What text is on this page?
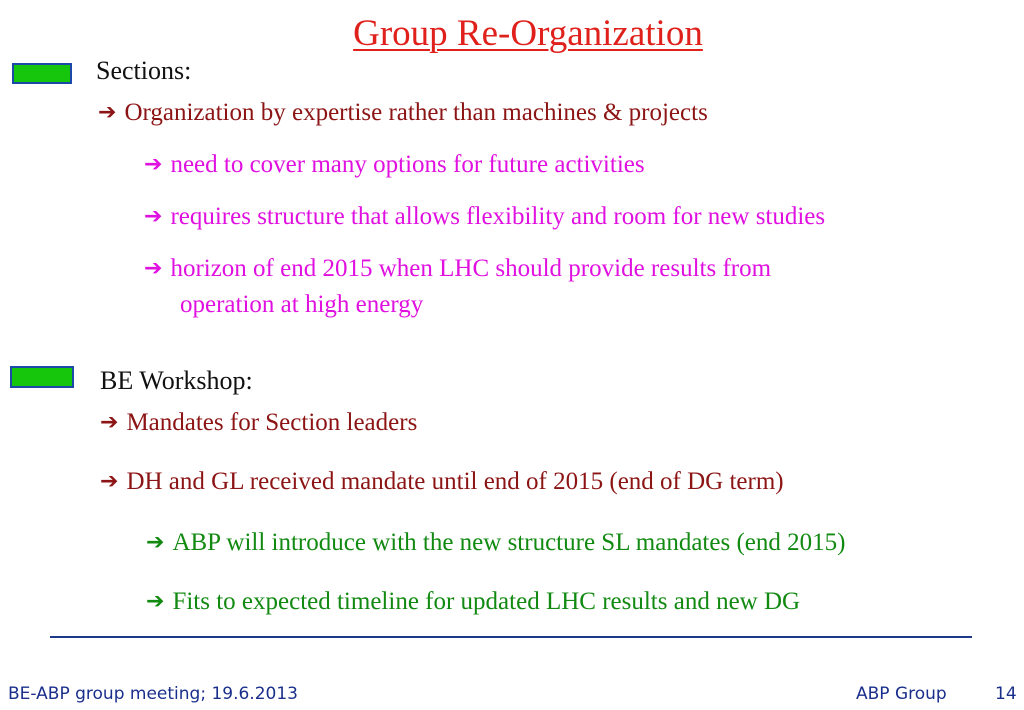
Group Re-Organization
Sections:
➔ Organization by expertise rather than machines & projects
➔ need to cover many options for future activities
➔ requires structure that allows flexibility and room for new studies
➔ horizon of end 2015 when LHC should provide results from
operation at high energy
BE Workshop:
➔ Mandates for Section leaders
➔ DH and GL received mandate until end of 2015 (end of DG term)
➔ ABP will introduce with the new structure SL mandates (end 2015)
➔ Fits to expected timeline for updated LHC results and new DG
BE-ABP group meeting; 19.6.2013	ABP Group	14
